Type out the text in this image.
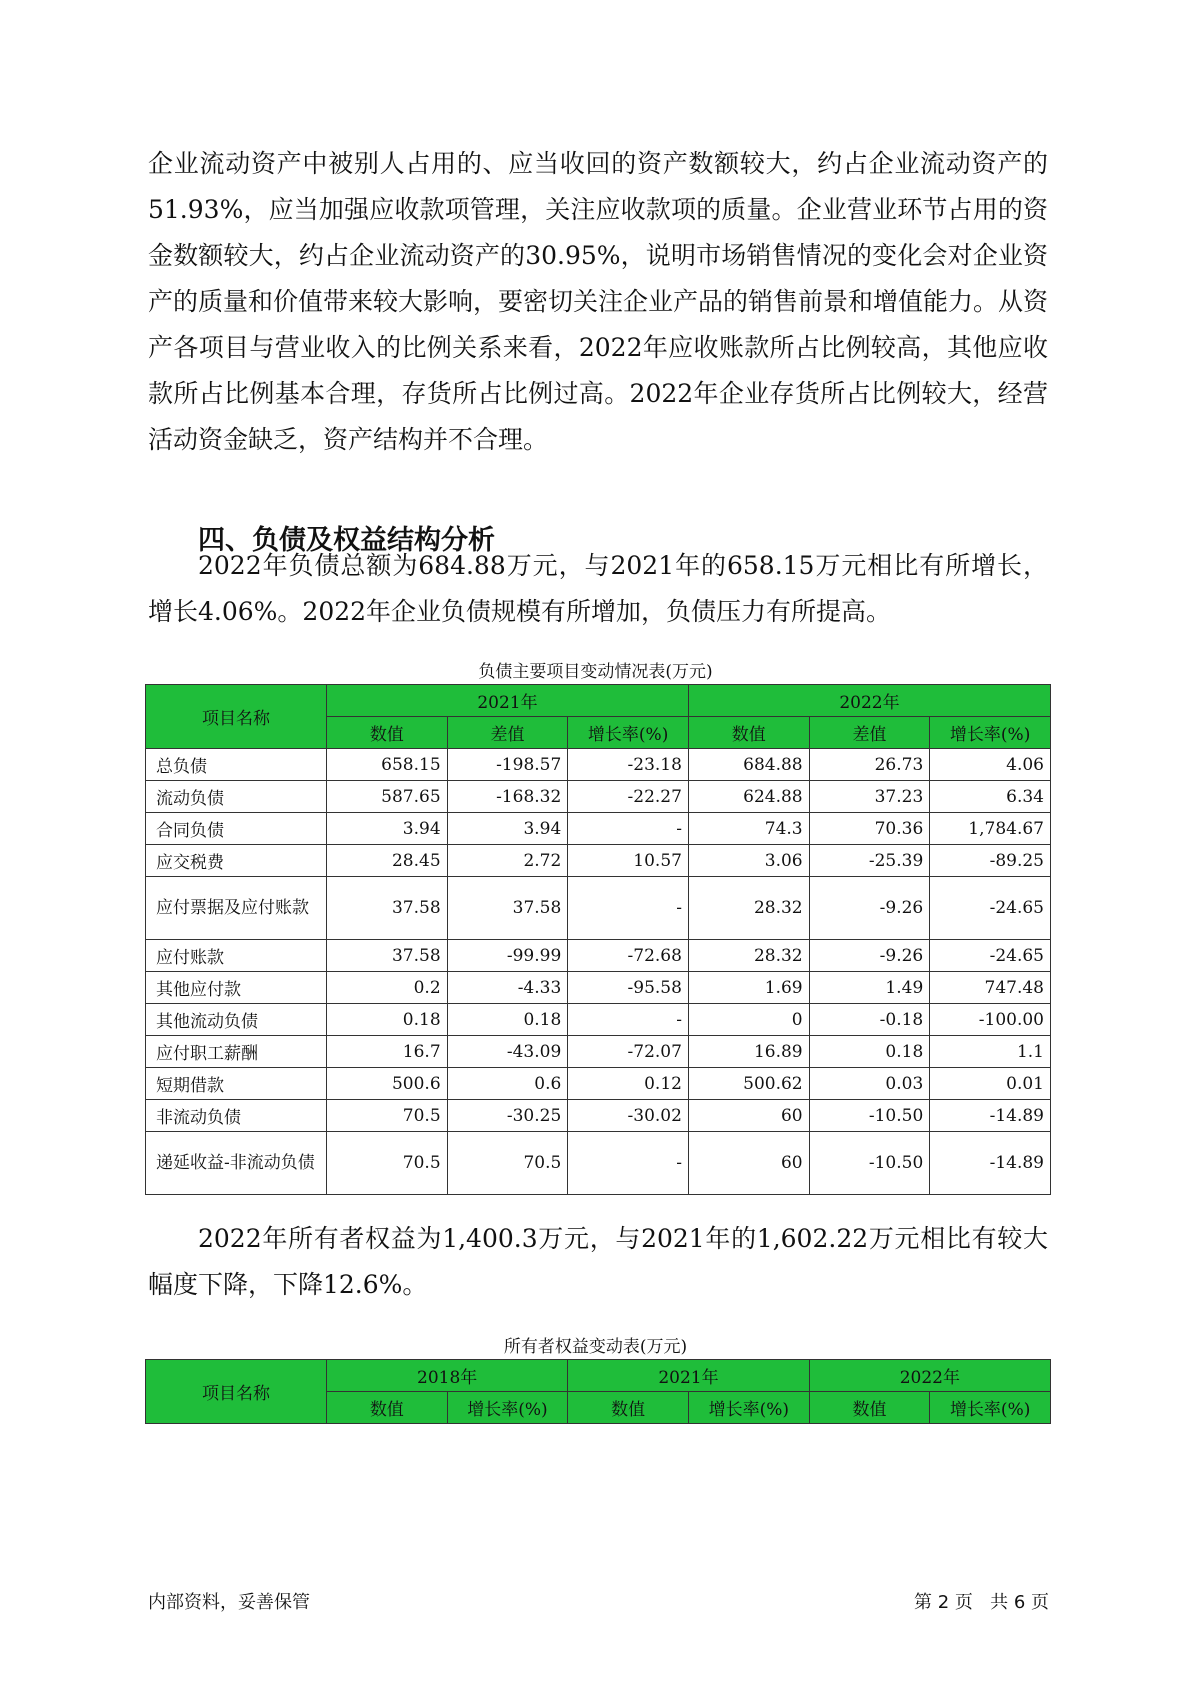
企业流动资产中被别人占用的、应当收回的资产数额较大，约占企业流动资产的51.93%，应当加强应收款项管理，关注应收款项的质量。企业营业环节占用的资金数额较大，约占企业流动资产的30.95%，说明市场销售情况的变化会对企业资产的质量和价值带来较大影响，要密切关注企业产品的销售前景和增值能力。从资产各项目与营业收入的比例关系来看，2022年应收账款所占比例较高，其他应收款所占比例基本合理，存货所占比例过高。2022年企业存货所占比例较大，经营活动资金缺乏，资产结构并不合理。

四、负债及权益结构分析

2022年负债总额为684.88万元，与2021年的658.15万元相比有所增长，增长4.06%。2022年企业负债规模有所增加，负债压力有所提高。

负债主要项目变动情况表(万元)
项目名称	2021年			2022年		
	数值	差值	增长率(%)	数值	差值	增长率(%)
总负债	658.15	-198.57	-23.18	684.88	26.73	4.06
流动负债	587.65	-168.32	-22.27	624.88	37.23	6.34
合同负债	3.94	3.94	-	74.3	70.36	1,784.67
应交税费	28.45	2.72	10.57	3.06	-25.39	-89.25
应付票据及应付账款	37.58	37.58	-	28.32	-9.26	-24.65
应付账款	37.58	-99.99	-72.68	28.32	-9.26	-24.65
其他应付款	0.2	-4.33	-95.58	1.69	1.49	747.48
其他流动负债	0.18	0.18	-	0	-0.18	-100.00
应付职工薪酬	16.7	-43.09	-72.07	16.89	0.18	1.1
短期借款	500.6	0.6	0.12	500.62	0.03	0.01
非流动负债	70.5	-30.25	-30.02	60	-10.50	-14.89
递延收益-非流动负债	70.5	70.5	-	60	-10.50	-14.89

2022年所有者权益为1,400.3万元，与2021年的1,602.22万元相比有较大幅度下降，下降12.6%。

所有者权益变动表(万元)
项目名称	2018年		2021年		2022年	
	数值	增长率(%)	数值	增长率(%)	数值	增长率(%)
内部资料，妥善保管	第 2 页   共 6 页
